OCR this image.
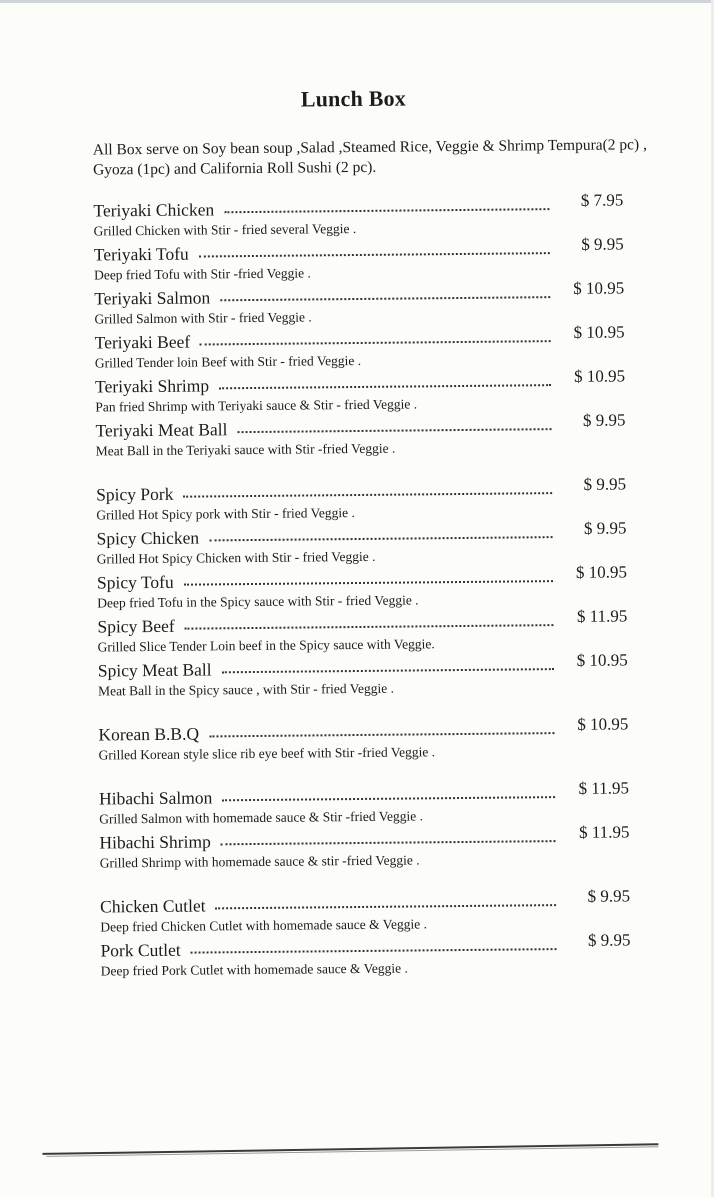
Lunch Box
All Box serve on Soy bean soup ,Salad ,Steamed Rice, Veggie & Shrimp Tempura(2 pc) , Gyoza (1pc) and California Roll Sushi (2 pc).
Teriyaki Chicken	$ 7.95
Grilled Chicken with Stir - fried several Veggie .
Teriyaki Tofu	$ 9.95
Deep fried Tofu with Stir -fried Veggie .
Teriyaki Salmon	$ 10.95
Grilled Salmon with Stir - fried Veggie .
Teriyaki Beef	$ 10.95
Grilled Tender loin Beef with Stir - fried Veggie .
Teriyaki Shrimp	$ 10.95
Pan fried Shrimp with Teriyaki sauce & Stir - fried Veggie .
Teriyaki Meat Ball	$ 9.95
Meat Ball in the Teriyaki sauce with Stir -fried Veggie .
Spicy Pork	$ 9.95
Grilled Hot Spicy pork with Stir - fried Veggie .
Spicy Chicken	$ 9.95
Grilled Hot Spicy Chicken with Stir - fried Veggie .
Spicy Tofu	$ 10.95
Deep fried Tofu in the Spicy sauce with Stir - fried Veggie .
Spicy Beef	$ 11.95
Grilled Slice Tender Loin beef in the Spicy sauce with Veggie.
Spicy Meat Ball	$ 10.95
Meat Ball in the Spicy sauce , with Stir - fried Veggie .
Korean B.B.Q	$ 10.95
Grilled Korean style slice rib eye beef with Stir -fried Veggie .
Hibachi Salmon	$ 11.95
Grilled Salmon with homemade sauce & Stir -fried Veggie .
Hibachi Shrimp	$ 11.95
Grilled Shrimp with homemade sauce & stir -fried Veggie .
Chicken Cutlet	$ 9.95
Deep fried Chicken Cutlet with homemade sauce & Veggie .
Pork Cutlet	$ 9.95
Deep fried Pork Cutlet with homemade sauce & Veggie .
